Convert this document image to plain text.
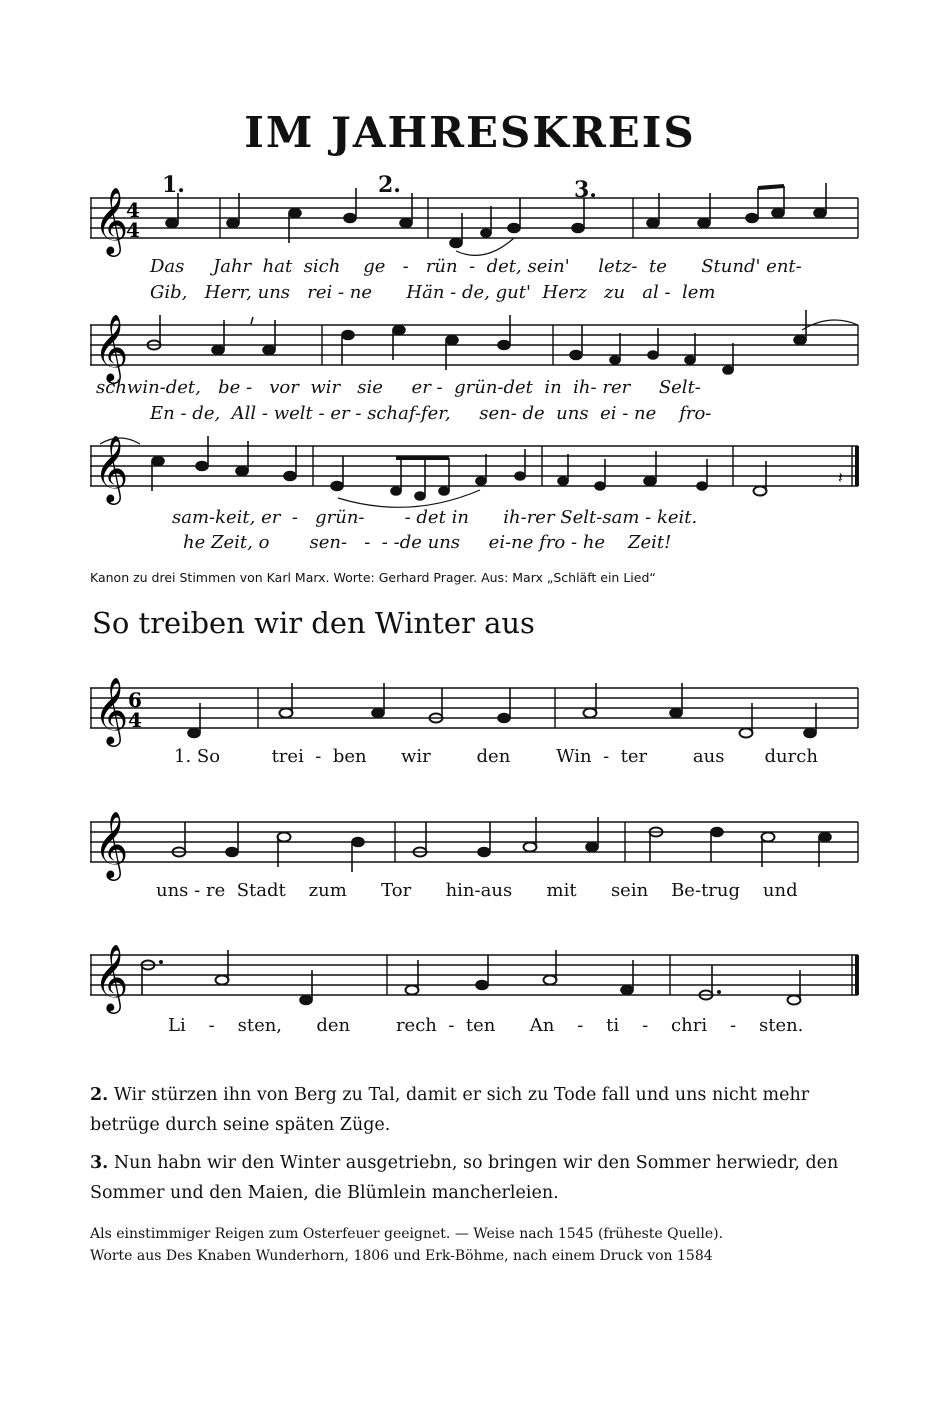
IM JAHRESKREIS
1.	2.	3.
𝄞
4
4
Das Jahr hat sich ge - rün - det, sein' letz- te Stund' ent-
Gib, Herr, uns rei - ne Hän - de, gut' Herz zu al - lem
𝄞
schwin-det, be - vor wir sie er - grün-det in ih- rer Selt-
En - de, All - welt - er - schaf-fer, sen- de uns ei - ne fro-
𝄞	𝄽
sam-keit, er - grün- - det in ih-rer Selt-sam - keit.
he Zeit, o sen- - - -de uns ei-ne fro - he Zeit!
Kanon zu drei Stimmen von Karl Marx. Worte: Gerhard Prager. Aus: Marx „Schläft ein Lied“
So treiben wir den Winter aus
𝄞 6
4
1. So	trei - ben wir	den	Win - ter	aus durch
𝄞
uns - re Stadt zum Tor hin-aus mit sein Be-trug und
𝄞
Li - sten, den	rech - ten An - ti - chri - sten.
2. Wir stürzen ihn von Berg zu Tal, damit er sich zu Tode fall und uns nicht mehr betrüge durch seine späten Züge.
3. Nun habn wir den Winter ausgetriebn, so bringen wir den Sommer herwiedr, den Sommer und den Maien, die Blümlein mancherleien.
Als einstimmiger Reigen zum Osterfeuer geeignet. — Weise nach 1545 (früheste Quelle).
Worte aus Des Knaben Wunderhorn, 1806 und Erk-Böhme, nach einem Druck von 1584
